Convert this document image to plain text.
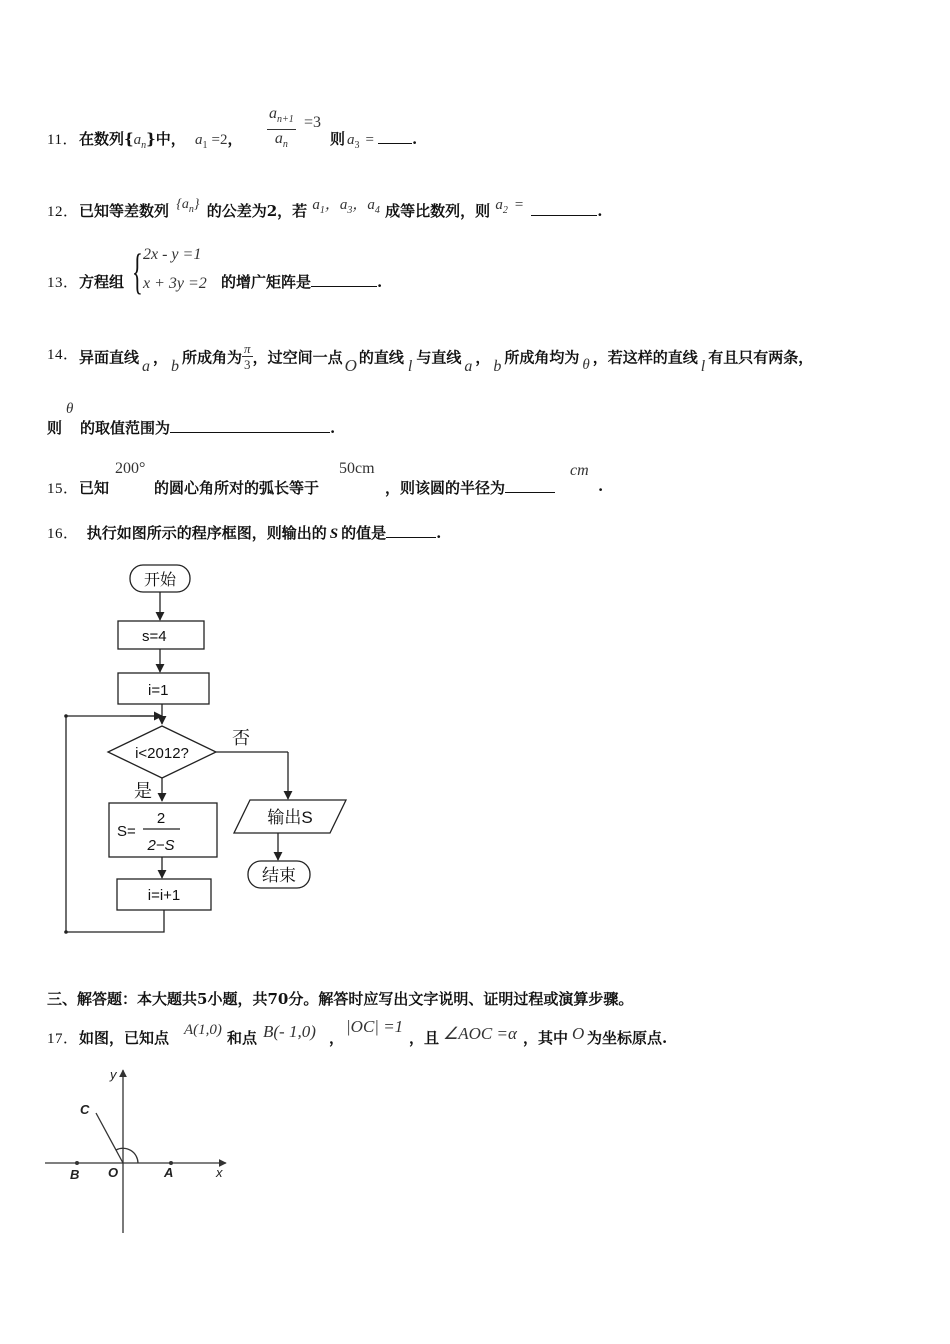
11． 在数列$\{a_n\}$中， $a_1 =2$， $\frac{a_{n+1}}{a_n} =3$
则 $a_3$ =	.
12． 已知等差数列 $\{a_n\}$ 的公差为2，若 $a_1$，$a_3$，$a_4$ 成等比数列，则 $a_2$ =	.
13． 方程组 { 2x - y =1
x + 3y =2 的增广矩阵是	.
14． 异面直线 a ， b 所成角为 $\frac{\pi}{3}$ ，过空间一点 O 的直线 l 与直线 a ， b 所成角均为 θ ，若这样的直线 l 有且只有两条，
则
θ
的取值范围为	.
15． 已知
200°
的圆心角所对的弧长等于
50cm
，则该圆的半径为
cm
.
16． 执行如图所示的程序框图，则输出的 S 的值是	.
开始
s=4
i=1
i<2012?
否
是
输出S
结束
S=
2
2−S
i=i+1
三、解答题：本大题共5小题，共70分。解答时应写出文字说明、证明过程或演算步骤。
17． 如图，已知点 A(1,0) 和点 B(- 1,0) ，
|OC| =1
，且 ∠AOC =α ，其中 O 为坐标原点.
y
x
C
B O	A
